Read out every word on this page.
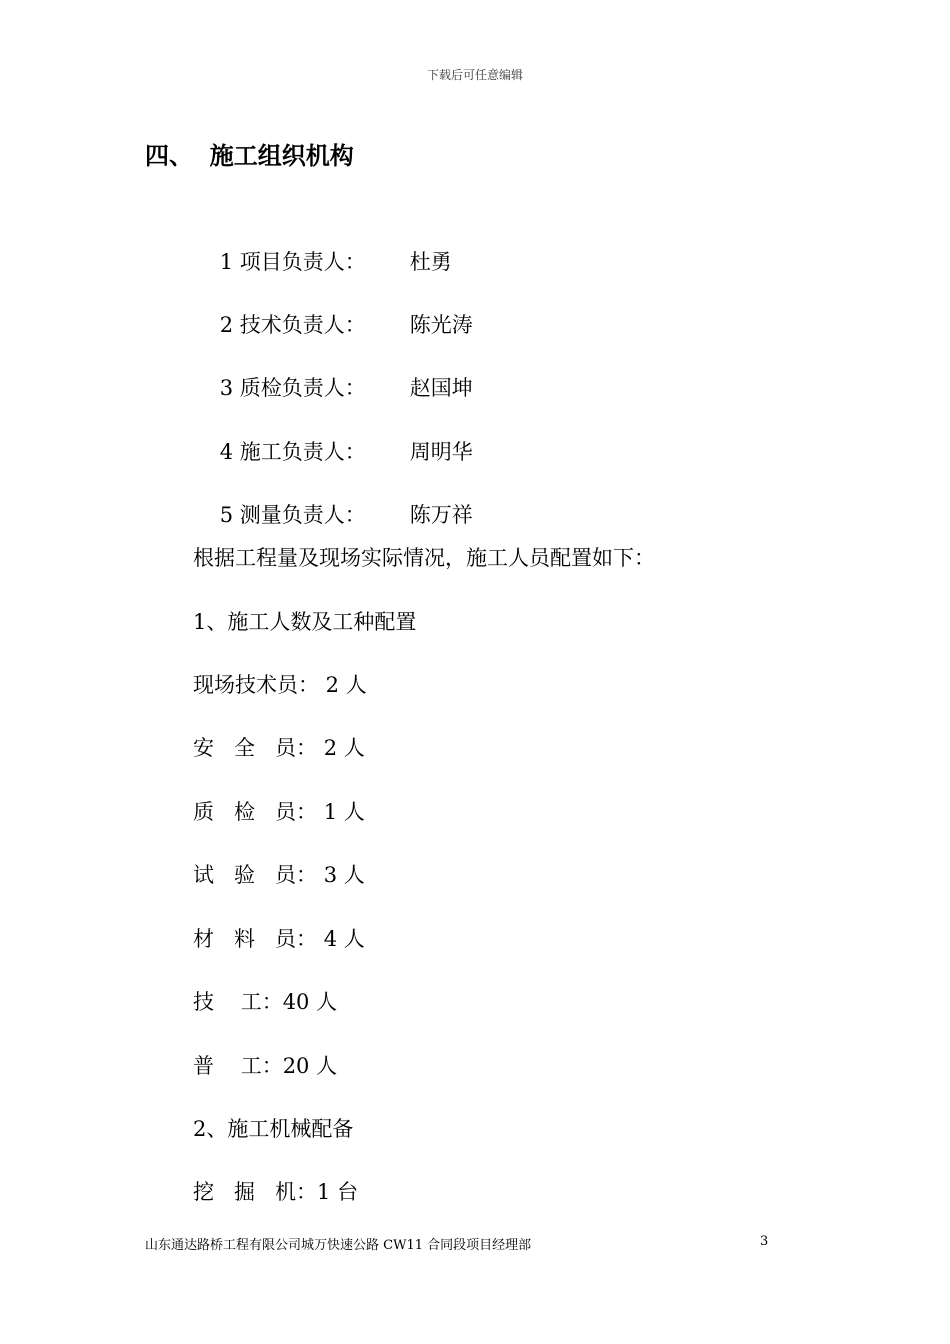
下载后可任意编辑
四、  施工组织机构

1 项目负责人： 杜勇

2 技术负责人： 陈光涛

3 质检负责人： 赵国坤

4 施工负责人： 周明华

5 测量负责人： 陈万祥

根据工程量及现场实际情况，施工人员配置如下：
1、施工人数及工种配置
现场技术员： 2 人
安   全   员： 2 人
质   检   员： 1 人
试   验   员： 3 人
材   料   员： 4 人
技    工：40 人
普    工：20 人
2、施工机械配备
挖   掘   机：1 台
山东通达路桥工程有限公司城万快速公路 CW11 合同段项目经理部	3
